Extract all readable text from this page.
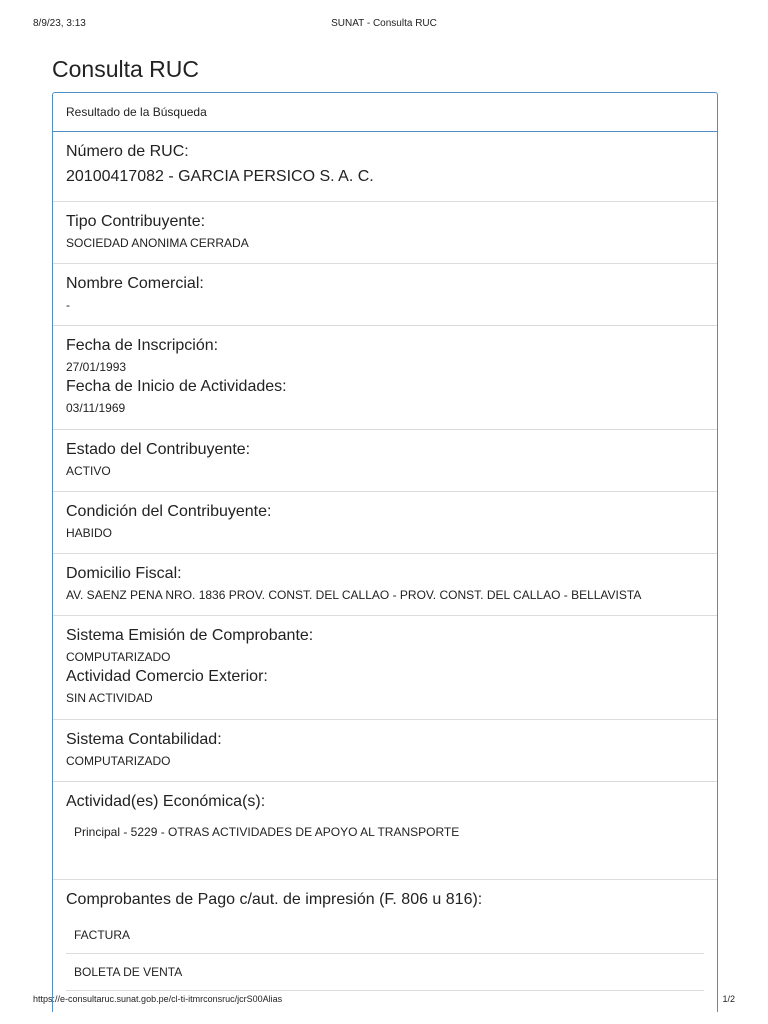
8/9/23, 3:13	SUNAT - Consulta RUC
Consulta RUC
Resultado de la Búsqueda
Número de RUC:
20100417082 - GARCIA PERSICO S. A. C.
Tipo Contribuyente:
SOCIEDAD ANONIMA CERRADA
Nombre Comercial:
-
Fecha de Inscripción:
27/01/1993
Fecha de Inicio de Actividades:
03/11/1969
Estado del Contribuyente:
ACTIVO
Condición del Contribuyente:
HABIDO
Domicilio Fiscal:
AV. SAENZ PENA NRO. 1836 PROV. CONST. DEL CALLAO - PROV. CONST. DEL CALLAO - BELLAVISTA
Sistema Emisión de Comprobante:
COMPUTARIZADO
Actividad Comercio Exterior:
SIN ACTIVIDAD
Sistema Contabilidad:
COMPUTARIZADO
Actividad(es) Económica(s):
Principal - 5229 - OTRAS ACTIVIDADES DE APOYO AL TRANSPORTE
Comprobantes de Pago c/aut. de impresión (F. 806 u 816):
FACTURA
BOLETA DE VENTA
https://e-consultaruc.sunat.gob.pe/cl-ti-itmrconsruc/jcrS00Alias	1/2
